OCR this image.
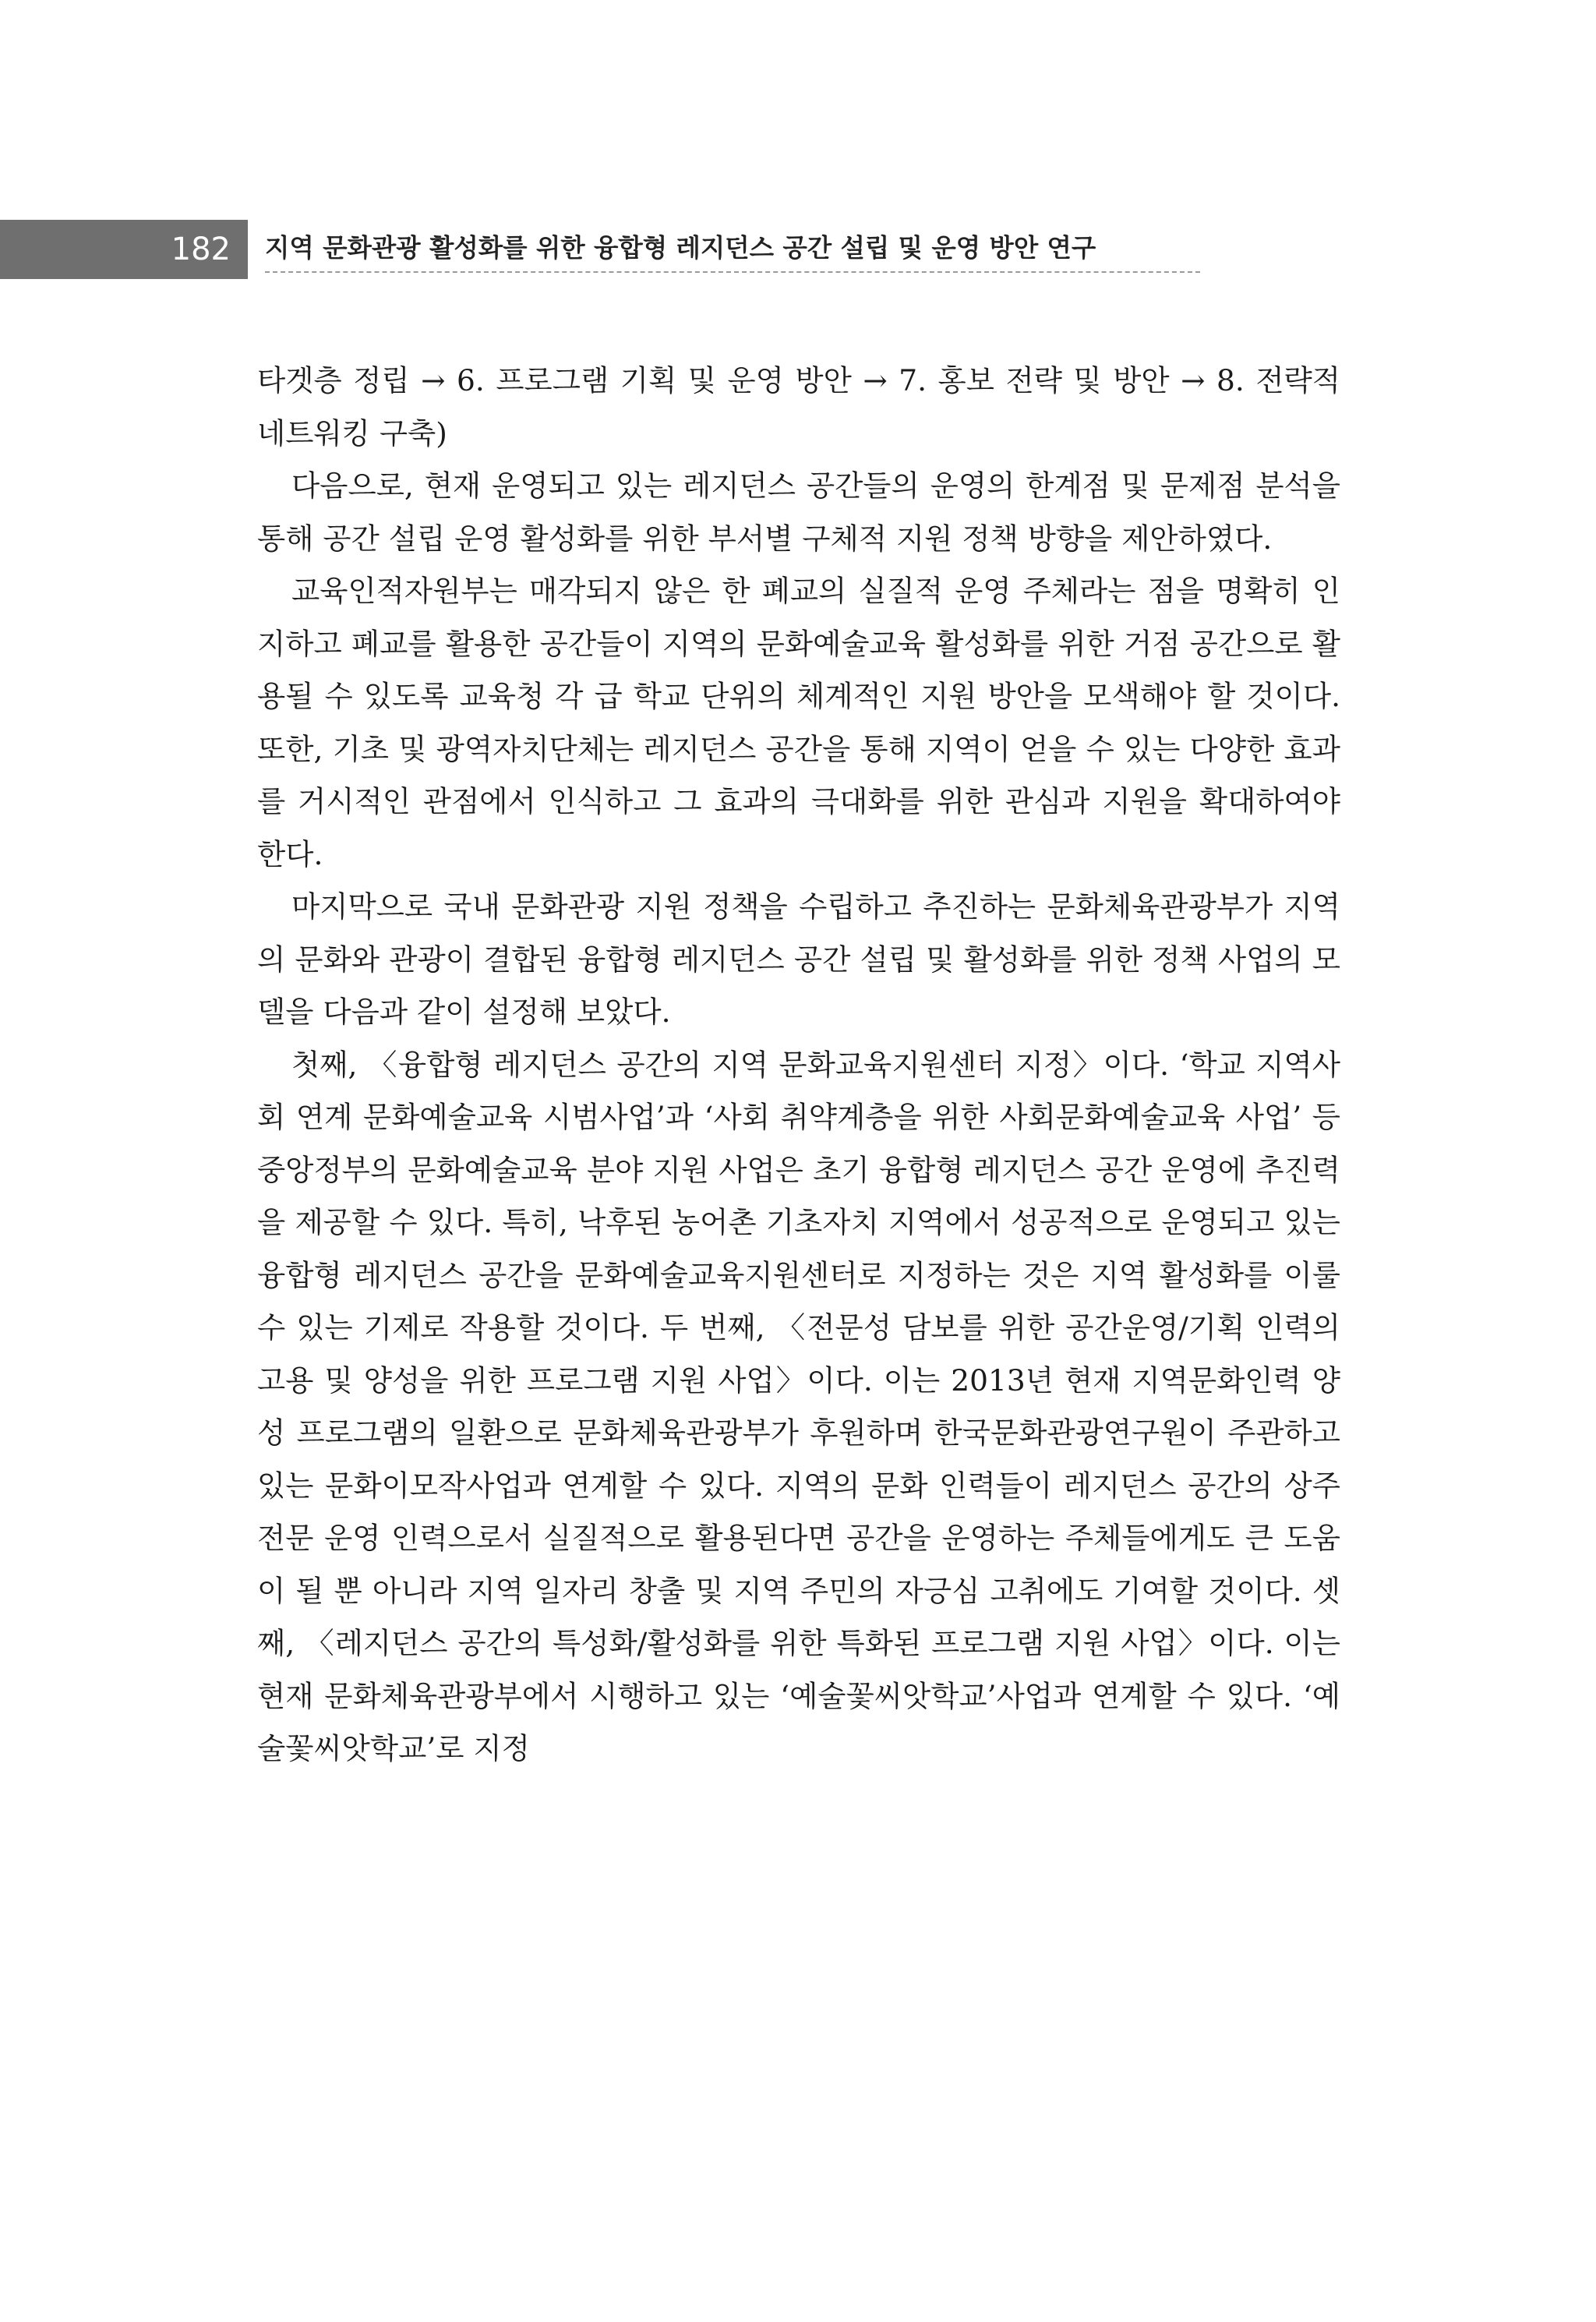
182	지역 문화관광 활성화를 위한 융합형 레지던스 공간 설립 및 운영 방안 연구

타겟층 정립 → 6. 프로그램 기획 및 운영 방안 → 7. 홍보 전략 및 방안 → 8. 전략적 네트워킹 구축)

다음으로, 현재 운영되고 있는 레지던스 공간들의 운영의 한계점 및 문제점 분석을 통해 공간 설립 운영 활성화를 위한 부서별 구체적 지원 정책 방향을 제안하였다.

교육인적자원부는 매각되지 않은 한 폐교의 실질적 운영 주체라는 점을 명확히 인지하고 폐교를 활용한 공간들이 지역의 문화예술교육 활성화를 위한 거점 공간으로 활용될 수 있도록 교육청 각 급 학교 단위의 체계적인 지원 방안을 모색해야 할 것이다. 또한, 기초 및 광역자치단체는 레지던스 공간을 통해 지역이 얻을 수 있는 다양한 효과를 거시적인 관점에서 인식하고 그 효과의 극대화를 위한 관심과 지원을 확대하여야 한다.

마지막으로 국내 문화관광 지원 정책을 수립하고 추진하는 문화체육관광부가 지역의 문화와 관광이 결합된 융합형 레지던스 공간 설립 및 활성화를 위한 정책 사업의 모델을 다음과 같이 설정해 보았다.

첫째, 〈융합형 레지던스 공간의 지역 문화교육지원센터 지정〉이다. ‘학교 지역사회 연계 문화예술교육 시범사업’과 ‘사회 취약계층을 위한 사회문화예술교육 사업’ 등 중앙정부의 문화예술교육 분야 지원 사업은 초기 융합형 레지던스 공간 운영에 추진력을 제공할 수 있다. 특히, 낙후된 농어촌 기초자치 지역에서 성공적으로 운영되고 있는 융합형 레지던스 공간을 문화예술교육지원센터로 지정하는 것은 지역 활성화를 이룰 수 있는 기제로 작용할 것이다. 두 번째, 〈전문성 담보를 위한 공간운영/기획 인력의 고용 및 양성을 위한 프로그램 지원 사업〉이다. 이는 2013년 현재 지역문화인력 양성 프로그램의 일환으로 문화체육관광부가 후원하며 한국문화관광연구원이 주관하고 있는 문화이모작사업과 연계할 수 있다. 지역의 문화 인력들이 레지던스 공간의 상주 전문 운영 인력으로서 실질적으로 활용된다면 공간을 운영하는 주체들에게도 큰 도움이 될 뿐 아니라 지역 일자리 창출 및 지역 주민의 자긍심 고취에도 기여할 것이다. 셋째, 〈레지던스 공간의 특성화/활성화를 위한 특화된 프로그램 지원 사업〉이다. 이는 현재 문화체육관광부에서 시행하고 있는 ‘예술꽃씨앗학교’사업과 연계할 수 있다. ‘예술꽃씨앗학교’로 지정
